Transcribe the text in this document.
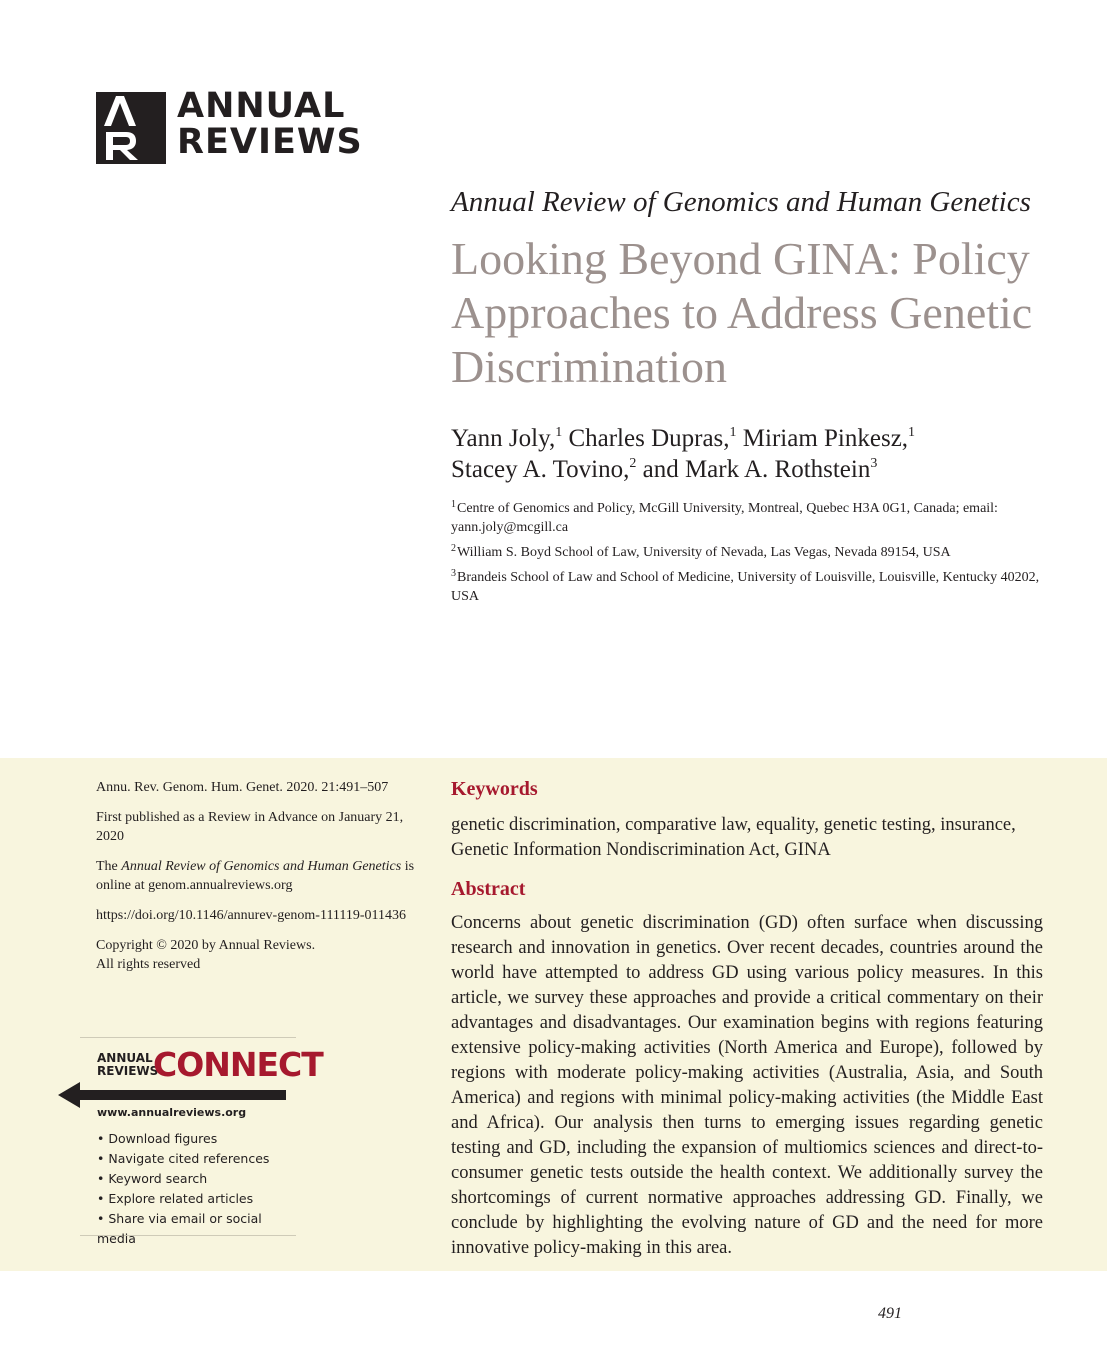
ANNUAL
REVIEWS
Annual Review of Genomics and Human Genetics
Looking Beyond GINA: Policy Approaches to Address Genetic Discrimination
Yann Joly,$^1$ Charles Dupras,$^1$ Miriam Pinkesz,$^1$
Stacey A. Tovino,$^2$ and Mark A. Rothstein$^3$
$^1$Centre of Genomics and Policy, McGill University, Montreal, Quebec H3A 0G1, Canada; email: yann.joly@mcgill.ca
$^2$William S. Boyd School of Law, University of Nevada, Las Vegas, Nevada 89154, USA
$^3$Brandeis School of Law and School of Medicine, University of Louisville, Louisville, Kentucky 40202, USA

Annu. Rev. Genom. Hum. Genet. 2020. 21:491–507

First published as a Review in Advance on January 21, 2020

The Annual Review of Genomics and Human Genetics is online at genom.annualreviews.org

https://doi.org/10.1146/annurev-genom-111119-011436

Copyright © 2020 by Annual Reviews.
All rights reserved

ANNUAL
REVIEWS
CONNECT
www.annualreviews.org
• Download figures
• Navigate cited references
• Keyword search
• Explore related articles
• Share via email or social media
Keywords

genetic discrimination, comparative law, equality, genetic testing, insurance, Genetic Information Nondiscrimination Act, GINA

Abstract

Concerns about genetic discrimination (GD) often surface when discussing research and innovation in genetics. Over recent decades, countries around the world have attempted to address GD using various policy measures. In this article, we survey these approaches and provide a critical commentary on their advantages and disadvantages. Our examination begins with regions featuring extensive policy-making activities (North America and Europe), followed by regions with moderate policy-making activities (Australia, Asia, and South America) and regions with minimal policy-making activities (the Middle East and Africa). Our analysis then turns to emerging issues regarding genetic testing and GD, including the expansion of multiomics sciences and direct-to-consumer genetic tests outside the health context. We additionally survey the shortcomings of current normative approaches addressing GD. Finally, we conclude by highlighting the evolving nature of GD and the need for more innovative policy-making in this area.

491
